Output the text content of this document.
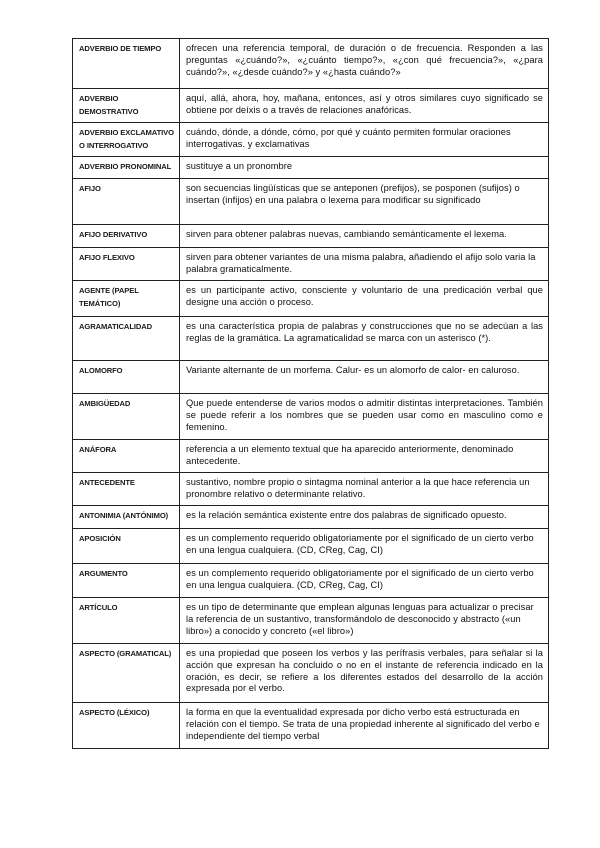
ADVERBIO DE TIEMPO	ofrecen una referencia temporal, de duración o de frecuencia. Responden a las preguntas «¿cuándo?», «¿cuánto tiempo?», «¿con qué frecuencia?», «¿para cuándo?», «¿desde cuándo?» y «¿hasta cuándo?»
ADVERBIO DEMOSTRATIVO	aquí, allá, ahora, hoy, mañana, entonces, así y otros similares cuyo significado se obtiene por deíxis o a través de relaciones anafóricas.
ADVERBIO EXCLAMATIVO O INTERROGATIVO	cuándo, dónde, a dónde, cómo, por qué y cuánto permiten formular oraciones interrogativas. y exclamativas
ADVERBIO PRONOMINAL	sustituye a un pronombre
AFIJO	son secuencias lingüísticas que se anteponen (prefijos), se posponen (sufijos) o insertan (infijos) en una palabra o lexema para modificar su significado
AFIJO DERIVATIVO	sirven para obtener palabras nuevas, cambiando semánticamente el lexema.
AFIJO FLEXIVO	sirven para obtener variantes de una misma palabra, añadiendo el afijo solo varia la palabra gramaticalmente.
AGENTE (PAPEL TEMÁTICO)	es un participante activo, consciente y voluntario de una predicación verbal que designe una acción o proceso.
AGRAMATICALIDAD	es una característica propia de palabras y construcciones que no se adecúan a las reglas de la gramática. La agramaticalidad se marca con un asterisco (*).
ALOMORFO	Variante alternante de un morfema. Calur- es un alomorfo de calor- en caluroso.
AMBIGÜEDAD	Que puede entenderse de varios modos o admitir distintas interpretaciones. También se puede referir a los nombres que se pueden usar como en masculino como e femenino.
ANÁFORA	referencia a un elemento textual que ha aparecido anteriormente, denominado antecedente.
ANTECEDENTE	sustantivo, nombre propio o sintagma nominal anterior a la que hace referencia un pronombre relativo o determinante relativo.
ANTONIMIA (ANTÓNIMO)	es la relación semántica existente entre dos palabras de significado opuesto.
APOSICIÓN	es un complemento requerido obligatoriamente por el significado de un cierto verbo en una lengua cualquiera. (CD, CReg, Cag, CI)
ARGUMENTO	es un complemento requerido obligatoriamente por el significado de un cierto verbo en una lengua cualquiera. (CD, CReg, Cag, CI)
ARTÍCULO	es un tipo de determinante que emplean algunas lenguas para actualizar o precisar la referencia de un sustantivo, transformándolo de desconocido y abstracto («un libro») a conocido y concreto («el libro»)
ASPECTO (GRAMATICAL)	es una propiedad que poseen los verbos y las perífrasis verbales, para señalar si la acción que expresan ha concluido o no en el instante de referencia indicado en la oración, es decir, se refiere a los diferentes estados del desarrollo de la acción expresada por el verbo.
ASPECTO (LÉXICO)	la forma en que la eventualidad expresada por dicho verbo está estructurada en relación con el tiempo. Se trata de una propiedad inherente al significado del verbo e independiente del tiempo verbal
